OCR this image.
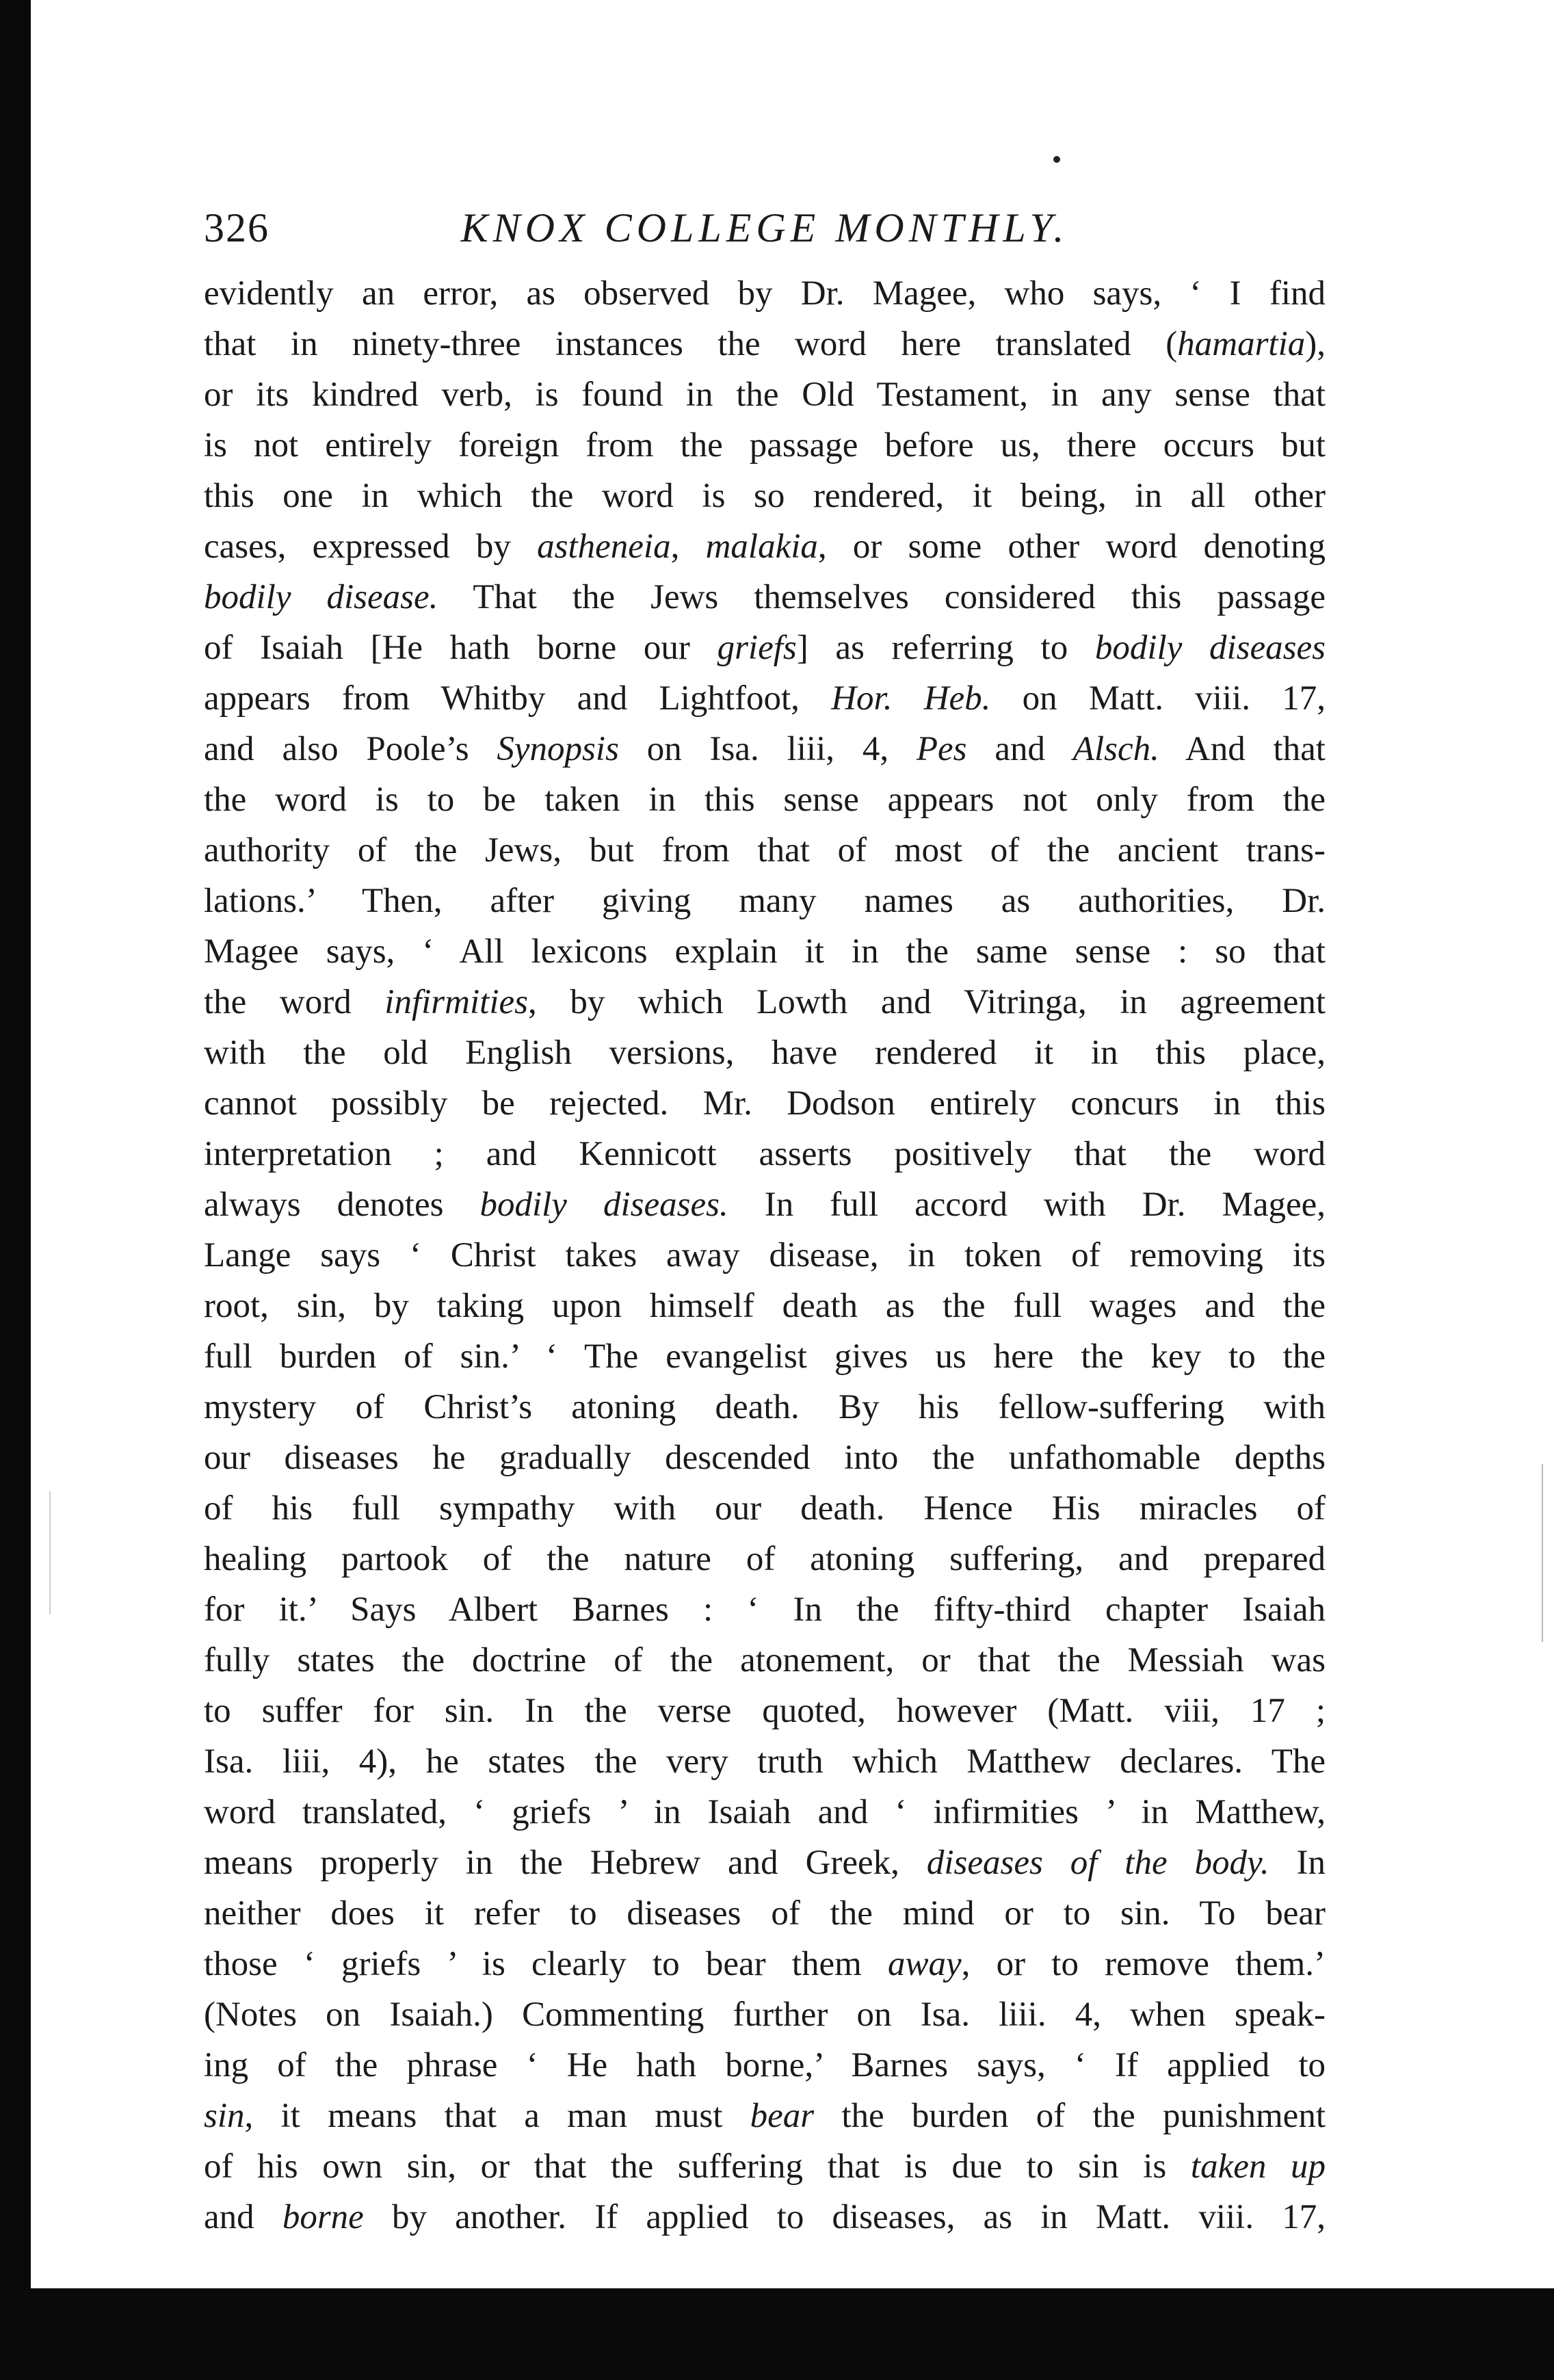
326	KNOX COLLEGE MONTHLY.
evidently an error, as observed by Dr. Magee, who says, ‘ I find
that in ninety-three instances the word here translated (hamartia),
or its kindred verb, is found in the Old Testament, in any sense that
is not entirely foreign from the passage before us, there occurs but
this one in which the word is so rendered, it being, in all other
cases, expressed by astheneia, malakia, or some other word denoting
bodily disease. That the Jews themselves considered this passage
of Isaiah [He hath borne our griefs] as referring to bodily diseases
appears from Whitby and Lightfoot, Hor. Heb. on Matt. viii. 17,
and also Poole’s Synopsis on Isa. liii, 4, Pes and Alsch. And that
the word is to be taken in this sense appears not only from the
authority of the Jews, but from that of most of the ancient trans-
lations.’ Then, after giving many names as authorities, Dr.
Magee says, ‘ All lexicons explain it in the same sense : so that
the word infirmities, by which Lowth and Vitringa, in agreement
with the old English versions, have rendered it in this place,
cannot possibly be rejected. Mr. Dodson entirely concurs in this
interpretation ; and Kennicott asserts positively that the word
always denotes bodily diseases. In full accord with Dr. Magee,
Lange says ‘ Christ takes away disease, in token of removing its
root, sin, by taking upon himself death as the full wages and the
full burden of sin.’ ‘ The evangelist gives us here the key to the
mystery of Christ’s atoning death. By his fellow-suffering with
our diseases he gradually descended into the unfathomable depths
of his full sympathy with our death. Hence His miracles of
healing partook of the nature of atoning suffering, and prepared
for it.’ Says Albert Barnes : ‘ In the fifty-third chapter Isaiah
fully states the doctrine of the atonement, or that the Messiah was
to suffer for sin. In the verse quoted, however (Matt. viii, 17 ;
Isa. liii, 4), he states the very truth which Matthew declares. The
word translated, ‘ griefs ’ in Isaiah and ‘ infirmities ’ in Matthew,
means properly in the Hebrew and Greek, diseases of the body. In
neither does it refer to diseases of the mind or to sin. To bear
those ‘ griefs ’ is clearly to bear them away, or to remove them.’
(Notes on Isaiah.) Commenting further on Isa. liii. 4, when speak-
ing of the phrase ‘ He hath borne,’ Barnes says, ‘ If applied to
sin, it means that a man must bear the burden of the punishment
of his own sin, or that the suffering that is due to sin is taken up
and borne by another. If applied to diseases, as in Matt. viii. 17,
